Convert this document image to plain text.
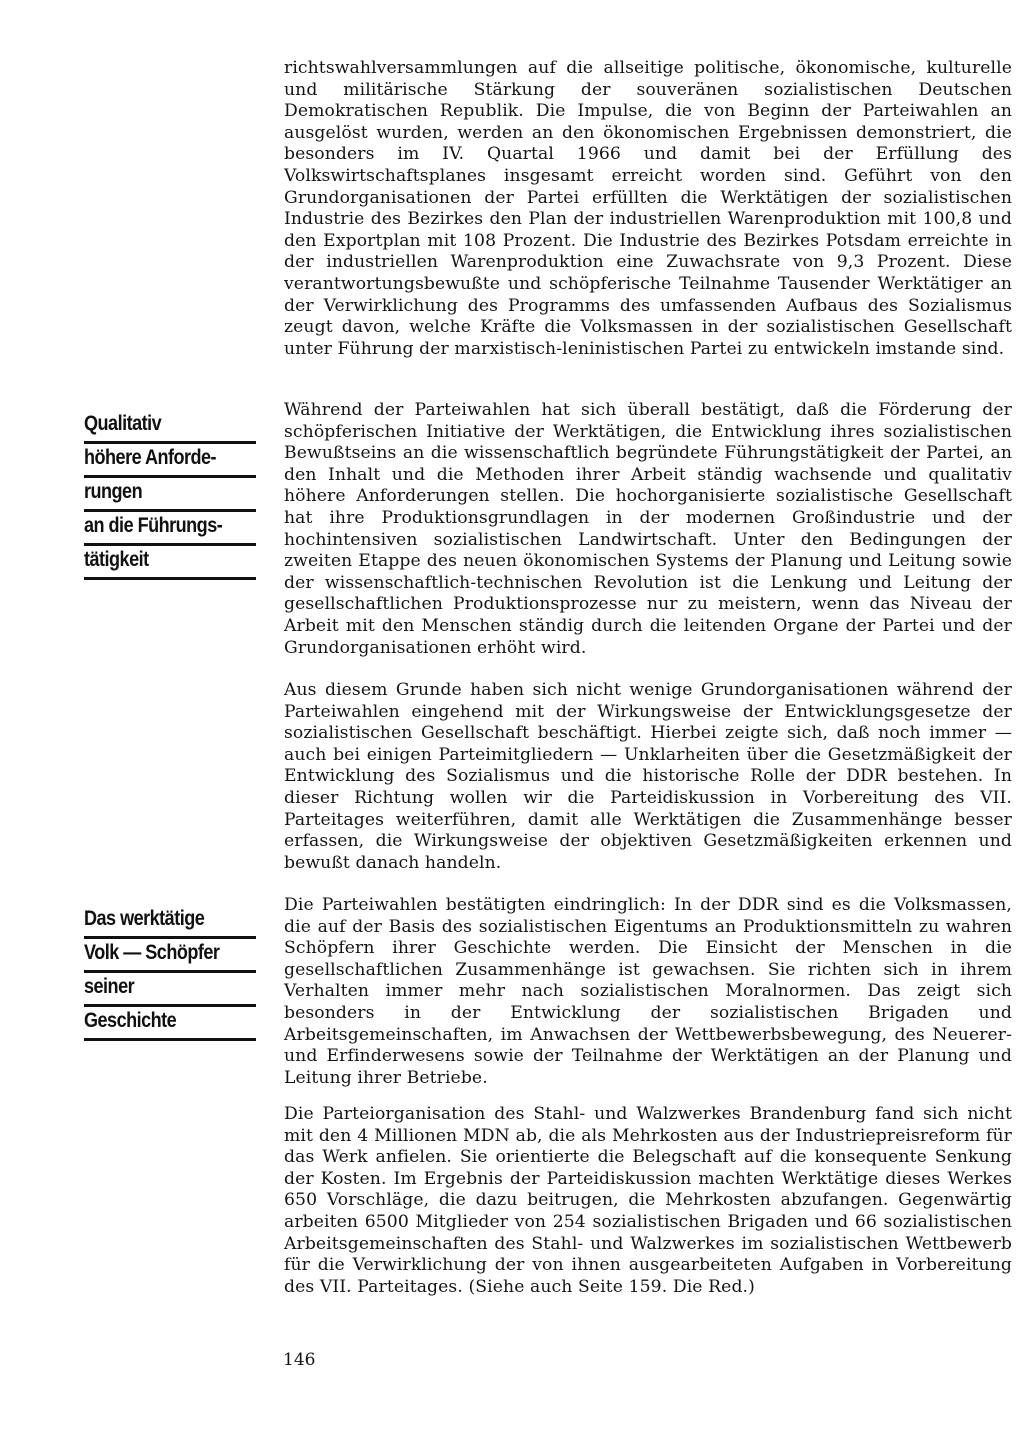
Qualitativ
höhere Anforde-
rungen
an die Führungs-
tätigkeit
Das werktätige
Volk — Schöpfer
seiner
Geschichte

richtswahlversammlungen auf die allseitige politische, ökonomische, kulturelle und militärische Stärkung der souveränen sozialistischen Deutschen Demokratischen Republik. Die Impulse, die von Beginn der Parteiwahlen an ausgelöst wurden, werden an den ökonomischen Ergebnissen demonstriert, die besonders im IV. Quartal 1966 und damit bei der Erfüllung des Volkswirtschaftsplanes insgesamt erreicht worden sind. Geführt von den Grundorganisationen der Partei erfüllten die Werktätigen der sozialistischen Industrie des Bezirkes den Plan der industriellen Warenproduktion mit 100,8 und den Exportplan mit 108 Prozent. Die Industrie des Bezirkes Potsdam erreichte in der industriellen Warenproduktion eine Zuwachsrate von 9,3 Prozent. Diese verantwortungsbewußte und schöpferische Teilnahme Tausender Werktätiger an der Verwirklichung des Programms des umfassenden Aufbaus des Sozialismus zeugt davon, welche Kräfte die Volksmassen in der sozialistischen Gesellschaft unter Führung der marxistisch-leninistischen Partei zu entwickeln imstande sind.

Während der Parteiwahlen hat sich überall bestätigt, daß die Förderung der schöpferischen Initiative der Werktätigen, die Entwicklung ihres sozialistischen Bewußtseins an die wissenschaftlich begründete Führungstätigkeit der Partei, an den Inhalt und die Methoden ihrer Arbeit ständig wachsende und qualitativ höhere Anforderungen stellen. Die hochorganisierte sozialistische Gesellschaft hat ihre Produktionsgrundlagen in der modernen Großindustrie und der hochintensiven sozialistischen Landwirtschaft. Unter den Bedingungen der zweiten Etappe des neuen ökonomischen Systems der Planung und Leitung sowie der wissenschaftlich-technischen Revolution ist die Lenkung und Leitung der gesellschaftlichen Produktionsprozesse nur zu meistern, wenn das Niveau der Arbeit mit den Menschen ständig durch die leitenden Organe der Partei und der Grundorganisationen erhöht wird.

Aus diesem Grunde haben sich nicht wenige Grundorganisationen während der Parteiwahlen eingehend mit der Wirkungsweise der Entwicklungsgesetze der sozialistischen Gesellschaft beschäftigt. Hierbei zeigte sich, daß noch immer — auch bei einigen Parteimitgliedern — Unklarheiten über die Gesetzmäßigkeit der Entwicklung des Sozialismus und die historische Rolle der DDR bestehen. In dieser Richtung wollen wir die Parteidiskussion in Vorbereitung des VII. Parteitages weiterführen, damit alle Werktätigen die Zusammenhänge besser erfassen, die Wirkungsweise der objektiven Gesetzmäßigkeiten erkennen und bewußt danach handeln.

Die Parteiwahlen bestätigten eindringlich: In der DDR sind es die Volksmassen, die auf der Basis des sozialistischen Eigentums an Produktionsmitteln zu wahren Schöpfern ihrer Geschichte werden. Die Einsicht der Menschen in die gesellschaftlichen Zusammenhänge ist gewachsen. Sie richten sich in ihrem Verhalten immer mehr nach sozialistischen Moralnormen. Das zeigt sich besonders in der Entwicklung der sozialistischen Brigaden und Arbeitsgemeinschaften, im Anwachsen der Wettbewerbsbewegung, des Neuerer- und Erfinderwesens sowie der Teilnahme der Werktätigen an der Planung und Leitung ihrer Betriebe.

Die Parteiorganisation des Stahl- und Walzwerkes Brandenburg fand sich nicht mit den 4 Millionen MDN ab, die als Mehrkosten aus der Industriepreisreform für das Werk anfielen. Sie orientierte die Belegschaft auf die konsequente Senkung der Kosten. Im Ergebnis der Parteidiskussion machten Werktätige dieses Werkes 650 Vorschläge, die dazu beitrugen, die Mehrkosten abzufangen. Gegenwärtig arbeiten 6500 Mitglieder von 254 sozialistischen Brigaden und 66 sozialistischen Arbeitsgemeinschaften des Stahl- und Walzwerkes im sozialistischen Wettbewerb für die Verwirklichung der von ihnen ausgearbeiteten Aufgaben in Vorbereitung des VII. Parteitages. (Siehe auch Seite 159. Die Red.)

146
